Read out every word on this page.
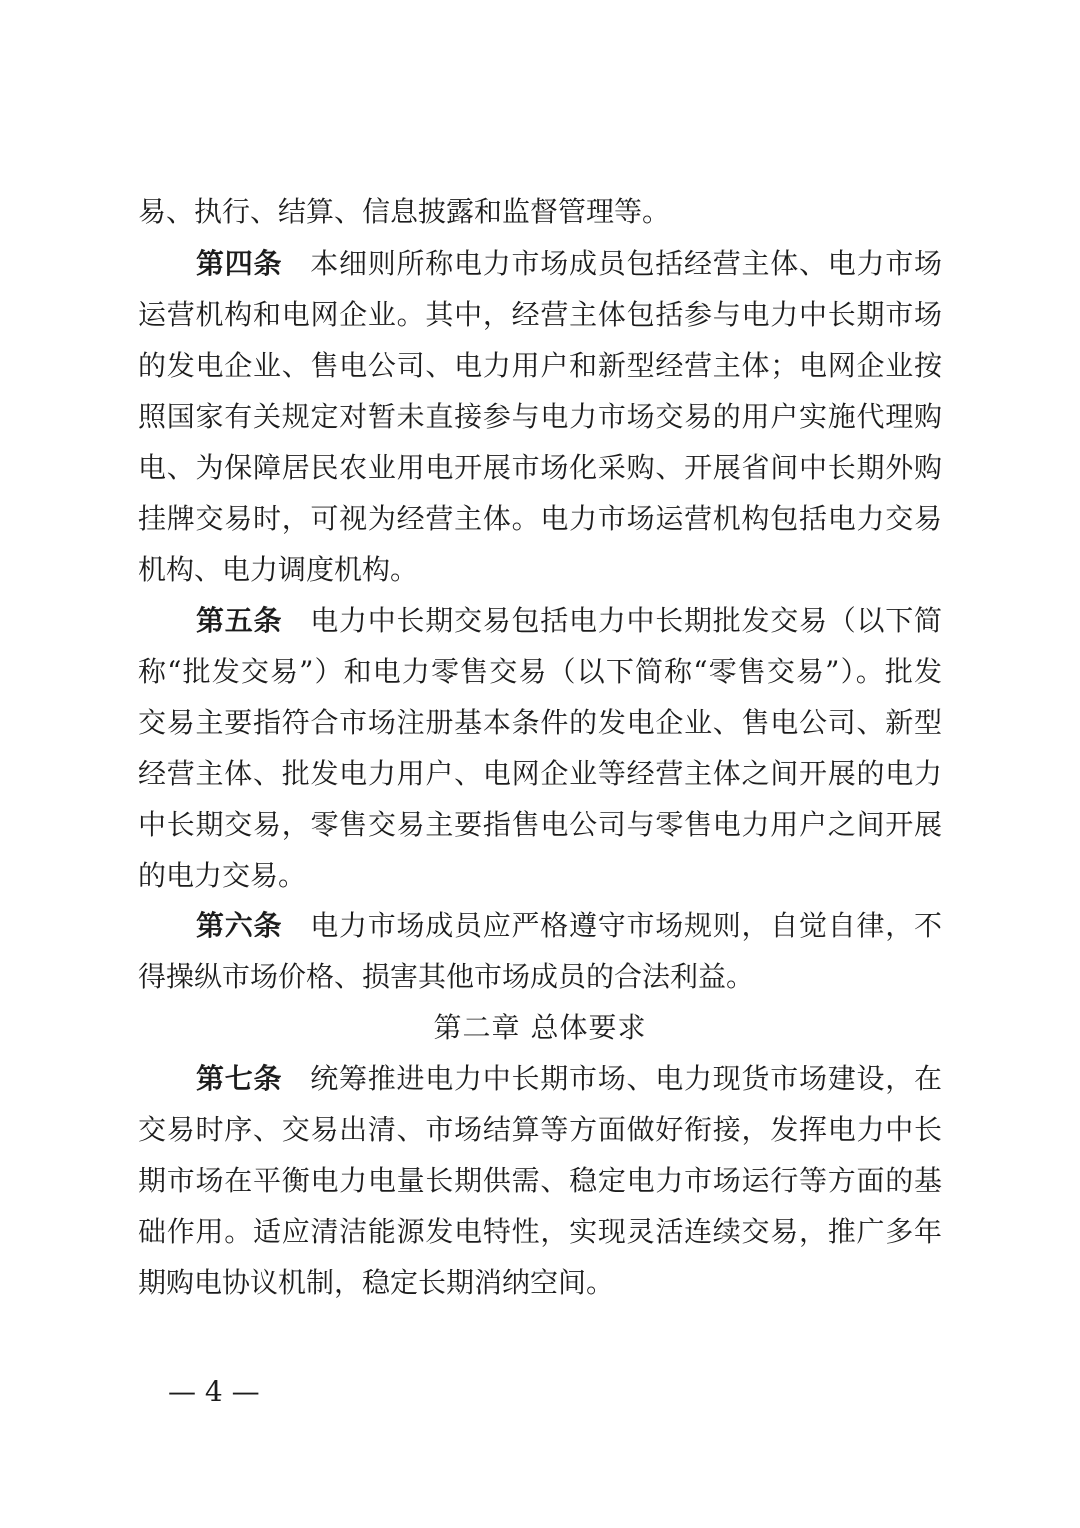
易、执行、结算、信息披露和监督管理等。
第四条 本细则所称电力市场成员包括经营主体、电力市场
运营机构和电网企业。其中，经营主体包括参与电力中长期市场
的发电企业、售电公司、电力用户和新型经营主体；电网企业按
照国家有关规定对暂未直接参与电力市场交易的用户实施代理购
电、为保障居民农业用电开展市场化采购、开展省间中长期外购
挂牌交易时，可视为经营主体。电力市场运营机构包括电力交易
机构、电力调度机构。
第五条 电力中长期交易包括电力中长期批发交易（以下简
称“批发交易”）和电力零售交易（以下简称“零售交易”）。批发
交易主要指符合市场注册基本条件的发电企业、售电公司、新型
经营主体、批发电力用户、电网企业等经营主体之间开展的电力
中长期交易，零售交易主要指售电公司与零售电力用户之间开展
的电力交易。
第六条 电力市场成员应严格遵守市场规则，自觉自律，不
得操纵市场价格、损害其他市场成员的合法利益。
第二章 总体要求
第七条 统筹推进电力中长期市场、电力现货市场建设，在
交易时序、交易出清、市场结算等方面做好衔接，发挥电力中长
期市场在平衡电力电量长期供需、稳定电力市场运行等方面的基
础作用。适应清洁能源发电特性，实现灵活连续交易，推广多年
期购电协议机制，稳定长期消纳空间。
— 4 —
